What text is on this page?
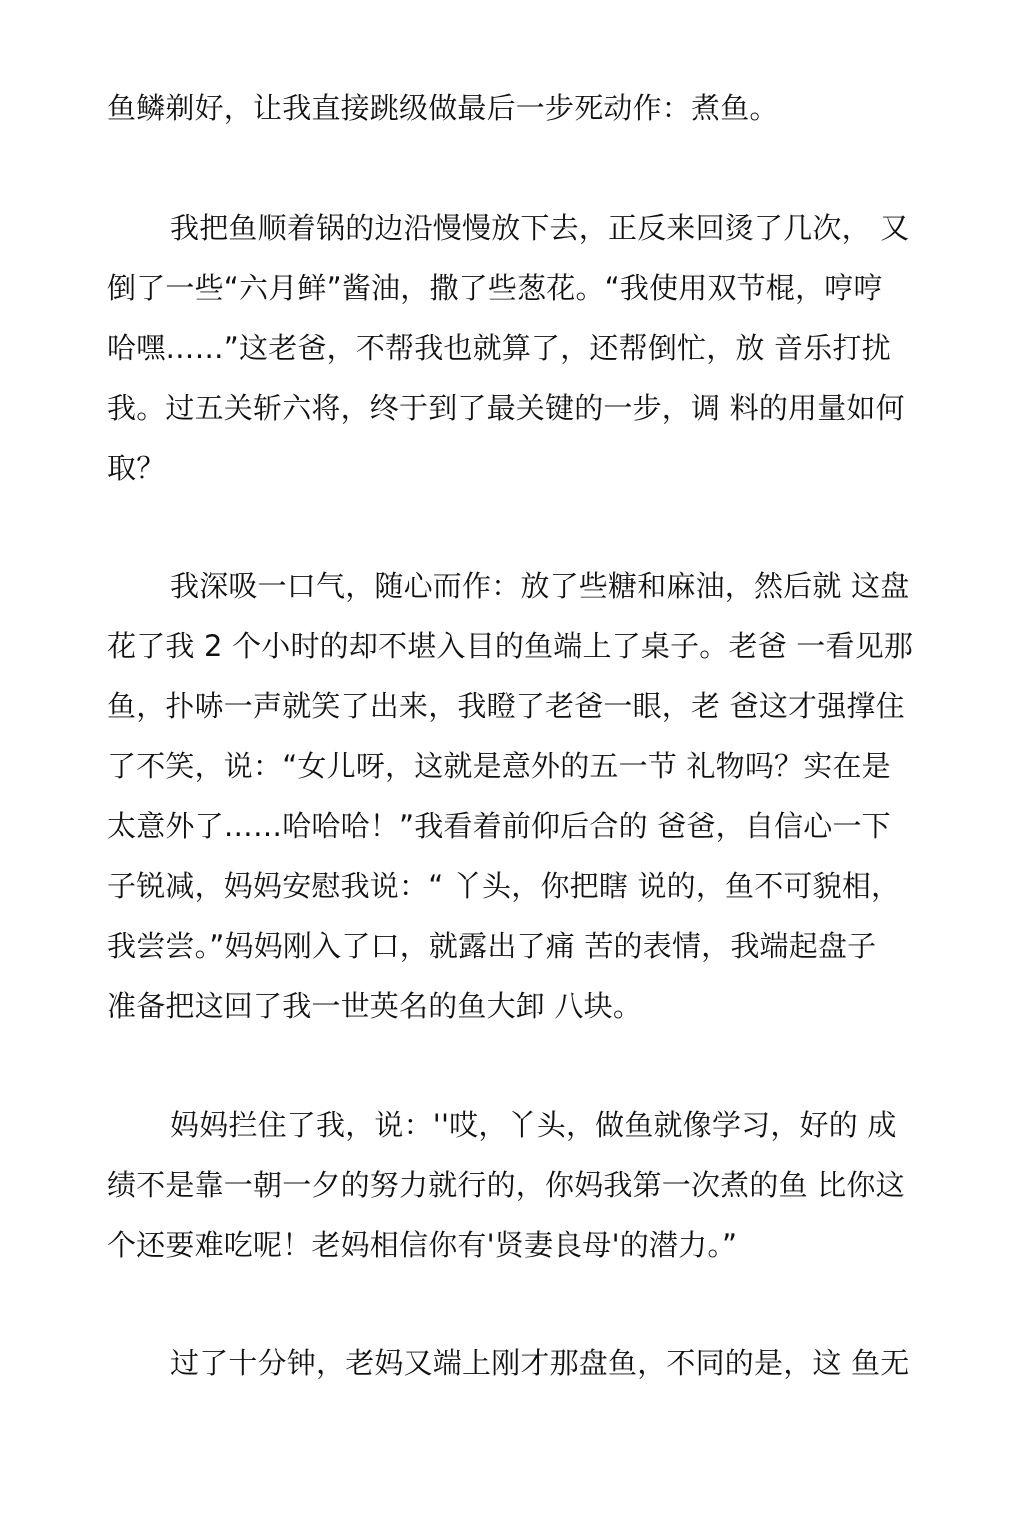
鱼鳞剃好，让我直接跳级做最后一步死动作：煮鱼。
我把鱼顺着锅的边沿慢慢放下去，正反来回烫了几次， 又
倒了一些“六月鲜”酱油，撒了些葱花。“我使用双节棍，哼哼
哈嘿……”这老爸，不帮我也就算了，还帮倒忙，放 音乐打扰
我。过五关斩六将，终于到了最关键的一步，调 料的用量如何
取？
我深吸一口气，随心而作：放了些糖和麻油，然后就 这盘
花了我 2 个小时的却不堪入目的鱼端上了桌子。老爸 一看见那
鱼，扑哧一声就笑了出来，我瞪了老爸一眼，老 爸这才强撑住
了不笑，说：“女儿呀，这就是意外的五一节 礼物吗？实在是
太意外了……哈哈哈！”我看着前仰后合的 爸爸，自信心一下
子锐减，妈妈安慰我说：“ 丫头，你把瞎 说的，鱼不可貌相，
我尝尝。”妈妈刚入了口，就露出了痛 苦的表情，我端起盘子
准备把这回了我一世英名的鱼大卸 八块。
妈妈拦住了我，说：''哎，丫头，做鱼就像学习，好的 成
绩不是靠一朝一夕的努力就行的，你妈我第一次煮的鱼 比你这
个还要难吃呢！老妈相信你有'贤妻良母'的潜力。”
过了十分钟，老妈又端上刚才那盘鱼，不同的是，这 鱼无
